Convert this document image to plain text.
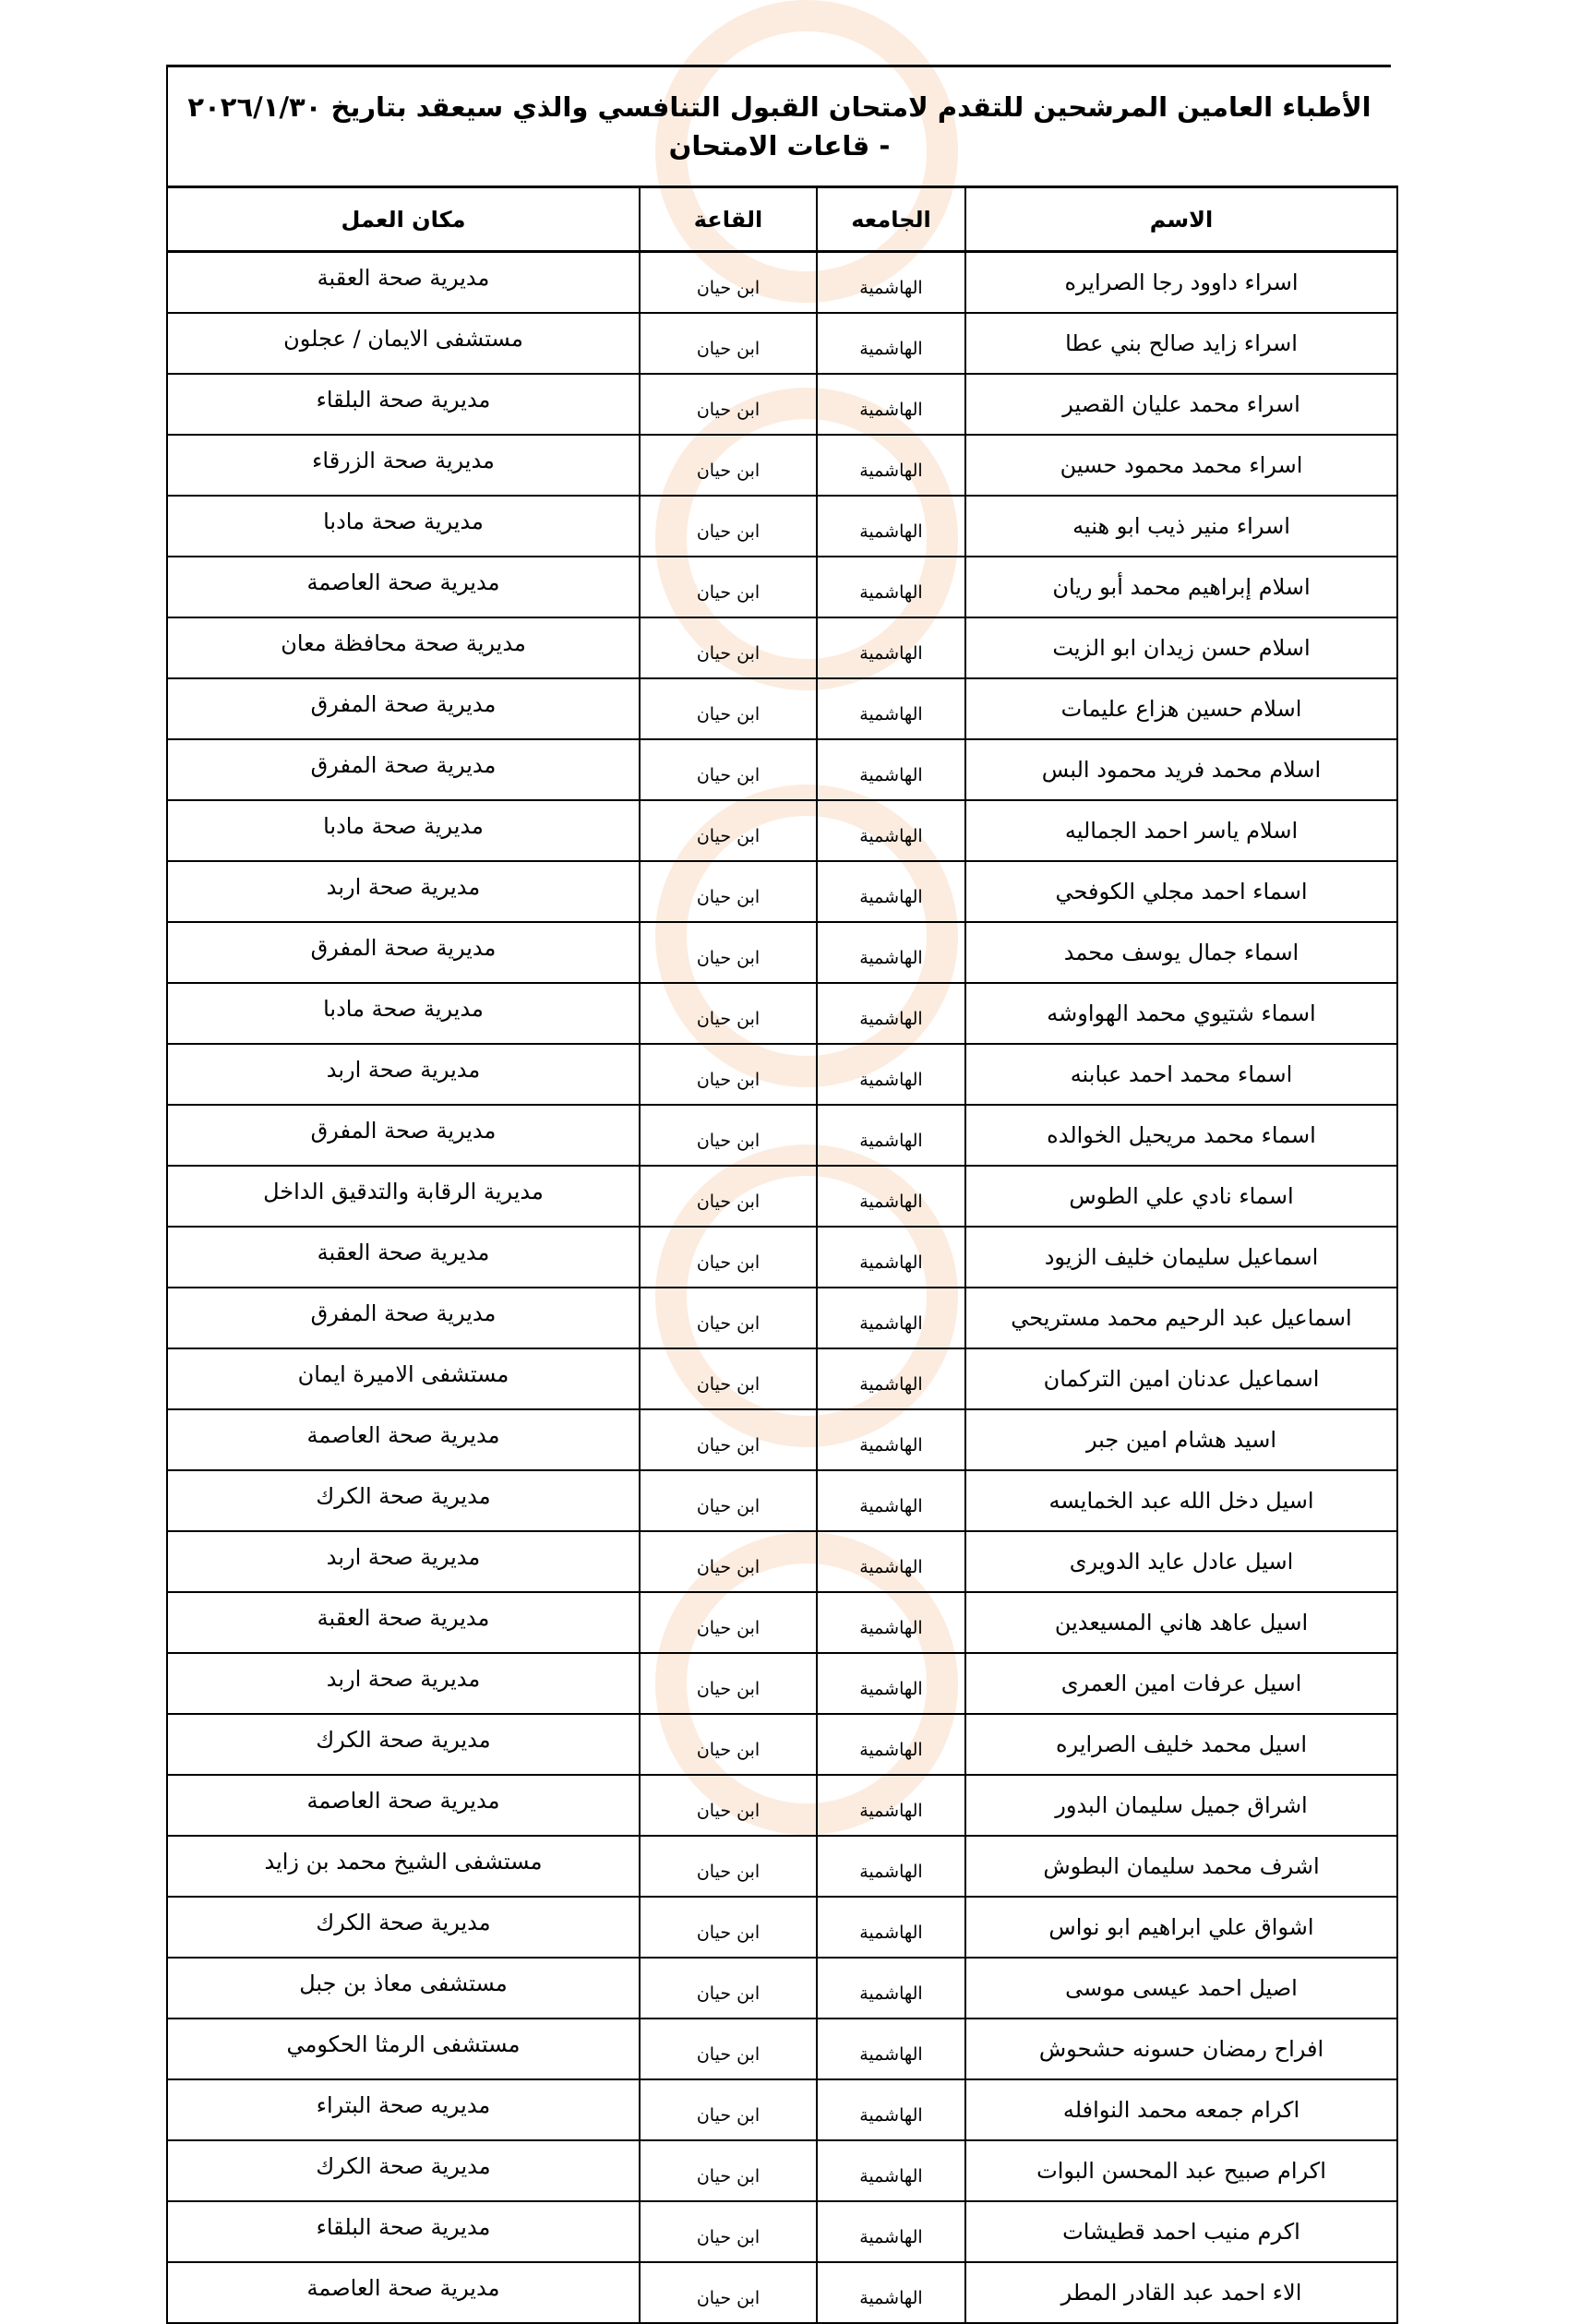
الأطباء العامين المرشحين للتقدم لامتحان القبول التنافسي والذي سيعقد بتاريخ ٢٠٢٦/١/٣٠ - قاعات الامتحان
الاسم	الجامعه	القاعة	مكان العمل
اسراء داوود رجا الصرايره	الهاشمية	ابن حيان	مديرية صحة العقبة
اسراء زايد صالح بني عطا	الهاشمية	ابن حيان	مستشفى الايمان / عجلون
اسراء محمد عليان القصير	الهاشمية	ابن حيان	مديرية صحة البلقاء
اسراء محمد محمود حسين	الهاشمية	ابن حيان	مديرية صحة الزرقاء
اسراء منير ذيب ابو هنيه	الهاشمية	ابن حيان	مديرية صحة مادبا
اسلام إبراهيم محمد أبو ريان	الهاشمية	ابن حيان	مديرية صحة العاصمة
اسلام حسن زيدان ابو الزيت	الهاشمية	ابن حيان	مديرية صحة محافظة معان
اسلام حسين هزاع عليمات	الهاشمية	ابن حيان	مديرية صحة المفرق
اسلام محمد فريد محمود البس	الهاشمية	ابن حيان	مديرية صحة المفرق
اسلام ياسر احمد الجماليه	الهاشمية	ابن حيان	مديرية صحة مادبا
اسماء احمد مجلي الكوفحي	الهاشمية	ابن حيان	مديرية صحة اربد
اسماء جمال يوسف محمد	الهاشمية	ابن حيان	مديرية صحة المفرق
اسماء شتيوي محمد الهواوشه	الهاشمية	ابن حيان	مديرية صحة مادبا
اسماء محمد احمد عبابنه	الهاشمية	ابن حيان	مديرية صحة اربد
اسماء محمد مريحيل الخوالده	الهاشمية	ابن حيان	مديرية صحة المفرق
اسماء نادي علي الطوس	الهاشمية	ابن حيان	مديرية الرقابة والتدقيق الداخل
اسماعيل سليمان خليف الزيود	الهاشمية	ابن حيان	مديرية صحة العقبة
اسماعيل عبد الرحيم محمد مستريحي	الهاشمية	ابن حيان	مديرية صحة المفرق
اسماعيل عدنان امين التركمان	الهاشمية	ابن حيان	مستشفى الاميرة ايمان
اسيد هشام امين جبر	الهاشمية	ابن حيان	مديرية صحة العاصمة
اسيل دخل الله عبد الخمايسه	الهاشمية	ابن حيان	مديرية صحة الكرك
اسيل عادل عايد الدويرى	الهاشمية	ابن حيان	مديرية صحة اربد
اسيل عاهد هاني المسيعدين	الهاشمية	ابن حيان	مديرية صحة العقبة
اسيل عرفات امين العمرى	الهاشمية	ابن حيان	مديرية صحة اربد
اسيل محمد خليف الصرايره	الهاشمية	ابن حيان	مديرية صحة الكرك
اشراق جميل سليمان البدور	الهاشمية	ابن حيان	مديرية صحة العاصمة
اشرف محمد سليمان البطوش	الهاشمية	ابن حيان	مستشفى الشيخ محمد بن زايد
اشواق علي ابراهيم ابو نواس	الهاشمية	ابن حيان	مديرية صحة الكرك
اصيل احمد عيسى موسى	الهاشمية	ابن حيان	مستشفى معاذ بن جبل
افراح رمضان حسونه حشحوش	الهاشمية	ابن حيان	مستشفى الرمثا الحكومي
اكرام جمعه محمد النوافله	الهاشمية	ابن حيان	مديريه صحة البتراء
اكرام صبيح عبد المحسن البوات	الهاشمية	ابن حيان	مديرية صحة الكرك
اكرم منيب احمد قطيشات	الهاشمية	ابن حيان	مديرية صحة البلقاء
الاء احمد عبد القادر المطر	الهاشمية	ابن حيان	مديرية صحة العاصمة
